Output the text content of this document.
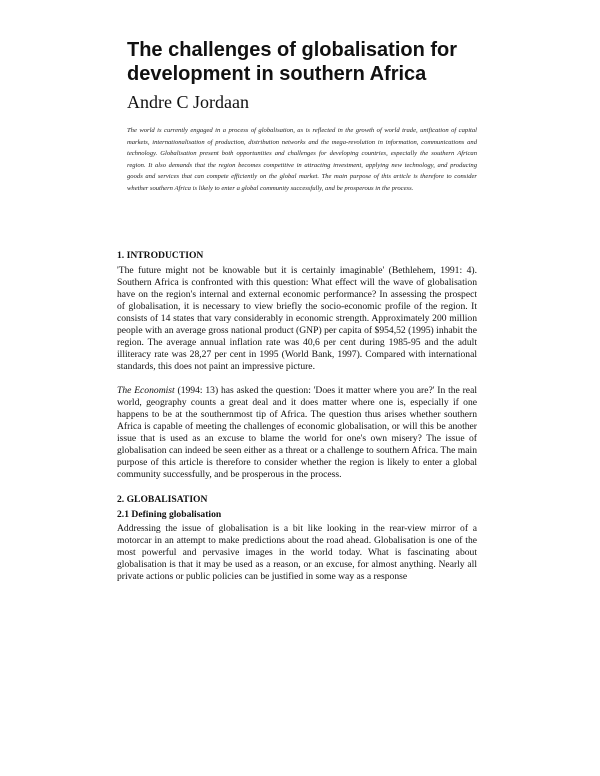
The challenges of globalisation for development in southern Africa

Andre C Jordaan

The world is currently engaged in a process of globalisation, as is reflected in the growth of world trade, unification of capital markets, internationalisation of production, distribution networks and the mega-revolution in information, communications and technology. Globalisation present both opportunities and challenges for developing countries, especially the southern African region. It also demands that the region becomes competitive in attracting investment, applying new technology, and producing goods and services that can compete efficiently on the global market. The main purpose of this article is therefore to consider whether southern Africa is likely to enter a global community successfully, and be prosperous in the process.

1. INTRODUCTION

'The future might not be knowable but it is certainly imaginable' (Bethlehem, 1991: 4). Southern Africa is confronted with this question: What effect will the wave of globalisation have on the region's internal and external economic performance? In assessing the prospect of globalisation, it is necessary to view briefly the socio-economic profile of the region. It consists of 14 states that vary considerably in economic strength. Approximately 200 million people with an average gross national product (GNP) per capita of $954,52 (1995) inhabit the region. The average annual inflation rate was 40,6 per cent during 1985-95 and the adult illiteracy rate was 28,27 per cent in 1995 (World Bank, 1997). Compared with international standards, this does not paint an impressive picture.

The Economist (1994: 13) has asked the question: 'Does it matter where you are?' In the real world, geography counts a great deal and it does matter where one is, especially if one happens to be at the southernmost tip of Africa. The question thus arises whether southern Africa is capable of meeting the challenges of economic globalisation, or will this be another issue that is used as an excuse to blame the world for one's own misery? The issue of globalisation can indeed be seen either as a threat or a challenge to southern Africa. The main purpose of this article is therefore to consider whether the region is likely to enter a global community successfully, and be prosperous in the process.

2. GLOBALISATION
2.1 Defining globalisation

Addressing the issue of globalisation is a bit like looking in the rear-view mirror of a motorcar in an attempt to make predictions about the road ahead. Globalisation is one of the most powerful and pervasive images in the world today. What is fascinating about globalisation is that it may be used as a reason, or an excuse, for almost anything. Nearly all private actions or public policies can be justified in some way as a response
